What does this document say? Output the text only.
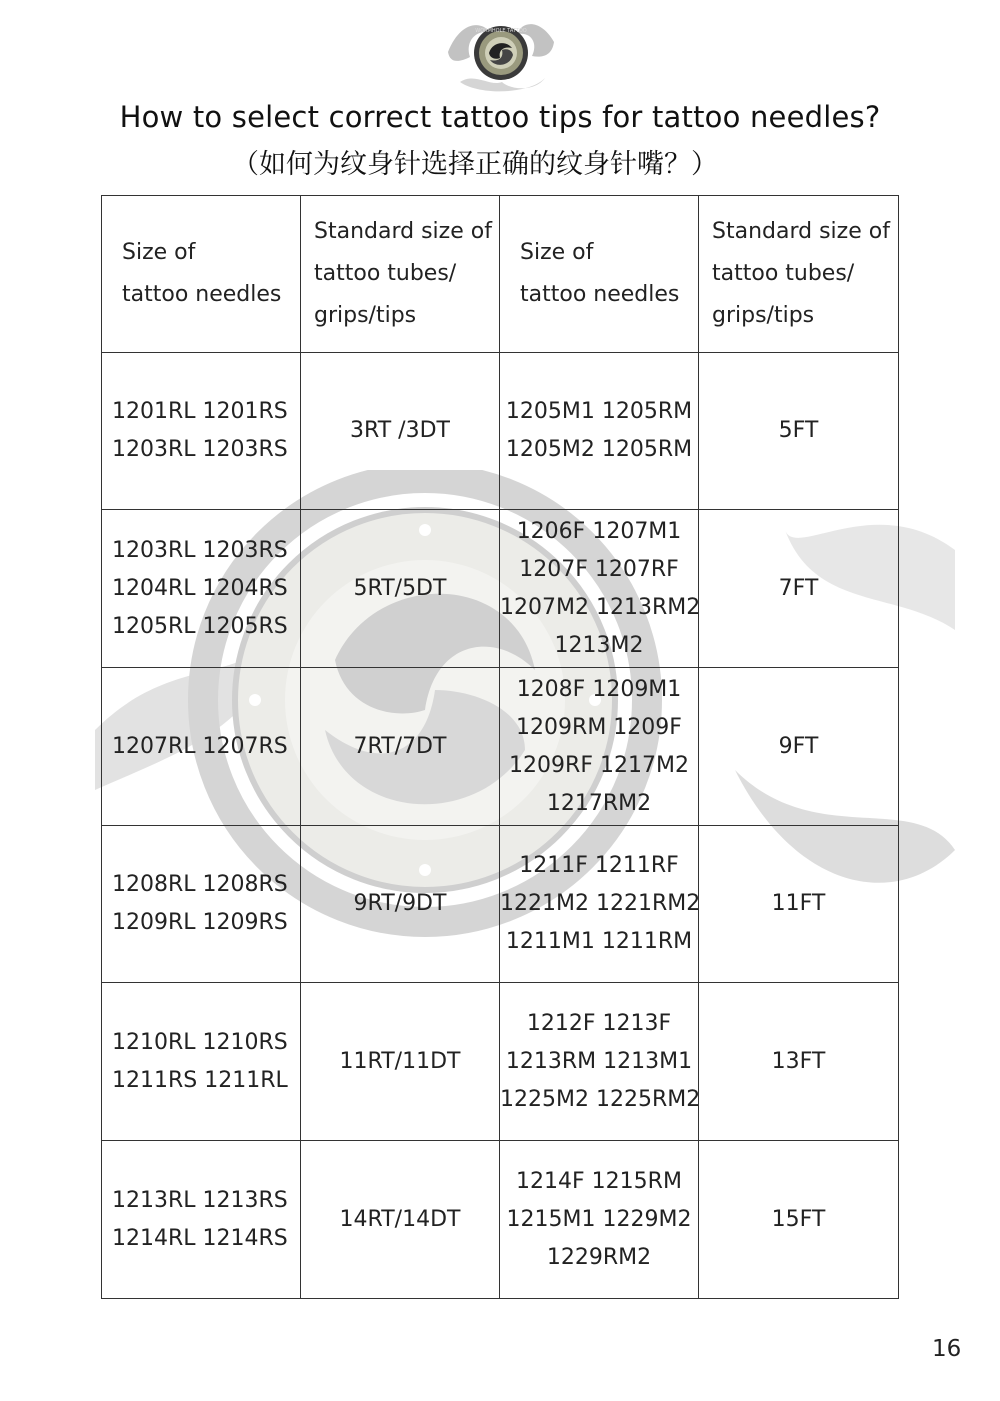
WORMHOLE TATTOO
How to select correct tattoo tips for tattoo needles?
（如何为纹身针选择正确的纹身针嘴？）
Size of
tattoo needles	Standard size of
tattoo tubes/
grips/tips	Size of
tattoo needles	Standard size of
tattoo tubes/
grips/tips

1201RL 1201RS
1203RL 1203RS	3RT /3DT	1205M1 1205RM
1205M2 1205RM	5FT

1203RL 1203RS
1204RL 1204RS
1205RL 1205RS	5RT/5DT	1206F 1207M1
1207F 1207RF
1207M2 1213RM2
1213M2	7FT

1207RL 1207RS	7RT/7DT	1208F 1209M1
1209RM 1209F
1209RF 1217M2
1217RM2	9FT

1208RL 1208RS
1209RL 1209RS	9RT/9DT	1211F 1211RF
1221M2 1221RM2
1211M1 1211RM	11FT

1210RL 1210RS
1211RS 1211RL	11RT/11DT	1212F 1213F
1213RM 1213M1
1225M2 1225RM2	13FT

1213RL 1213RS
1214RL 1214RS	14RT/14DT	1214F 1215RM
1215M1 1229M2
1229RM2	15FT
16
